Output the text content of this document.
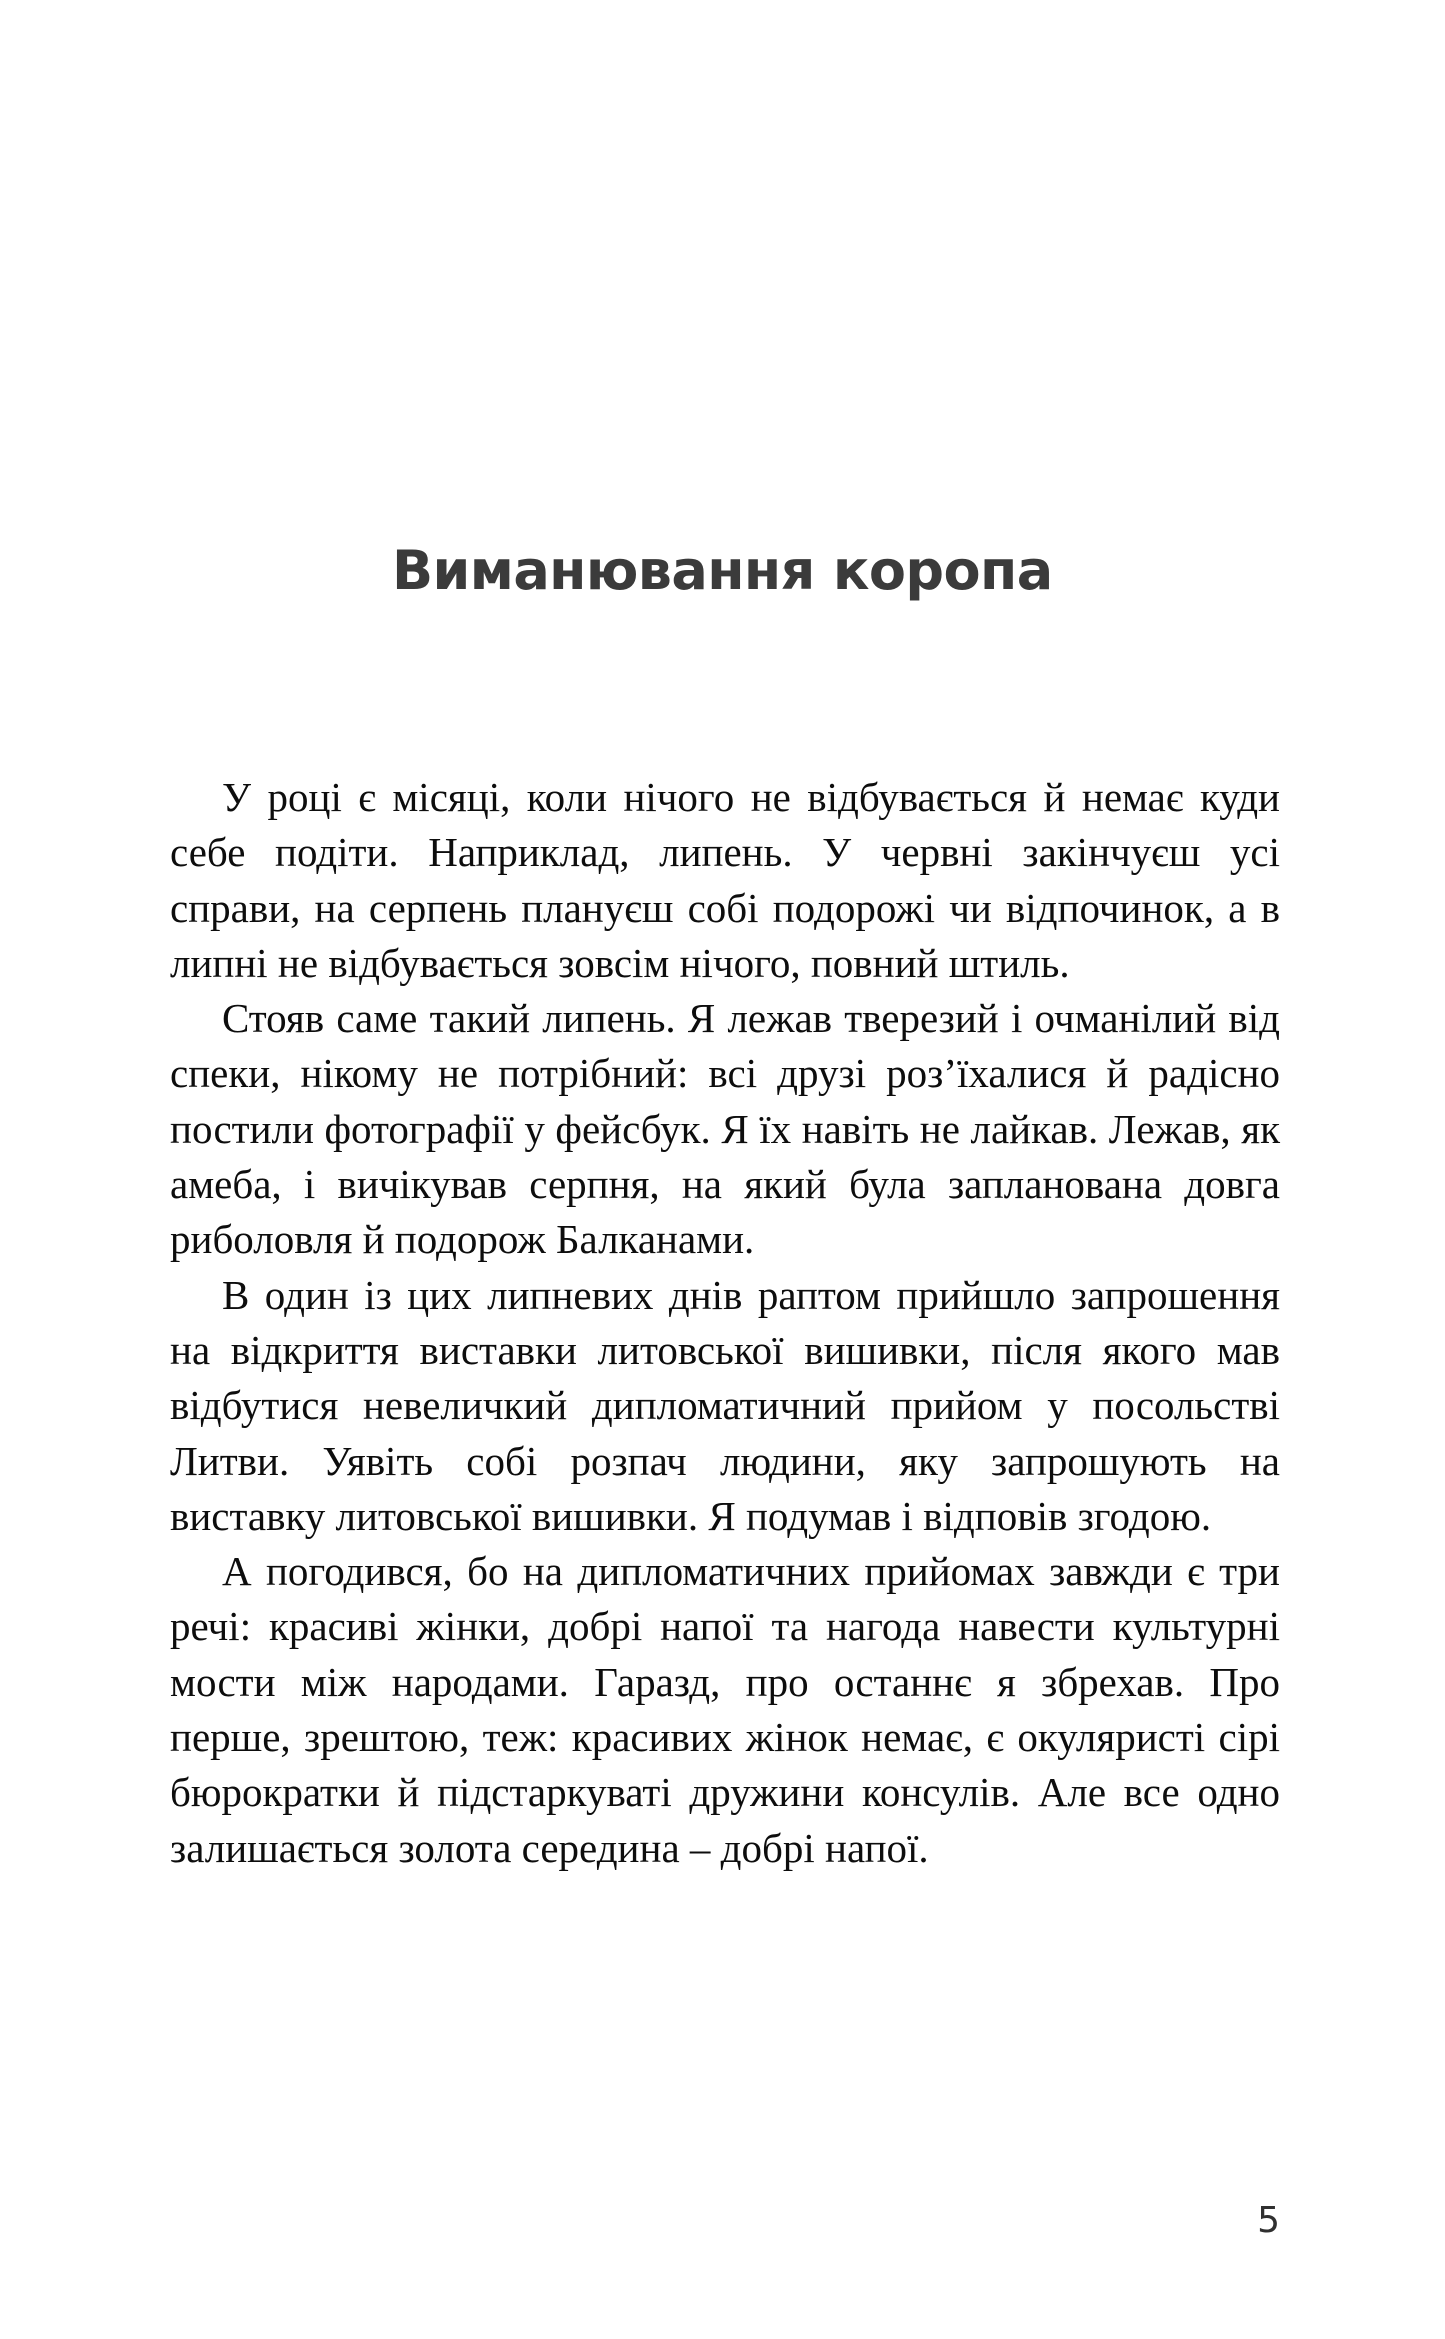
Виманювання коропа

У році є місяці, коли нічого не відбувається й немає куди себе подіти. Наприклад, липень. У червні закінчуєш усі справи, на серпень плануєш собі подорожі чи відпочинок, а в липні не відбувається зовсім нічого, повний штиль.

Стояв саме такий липень. Я лежав тверезий і очманілий від спеки, нікому не потрібний: всі друзі роз’їхалися й радісно постили фотографії у фейсбук. Я їх навіть не лайкав. Лежав, як амеба, і вичікував серпня, на який була запланована довга риболовля й подорож Балканами.

В один із цих липневих днів раптом прийшло запрошення на відкриття виставки литовської вишивки, після якого мав відбутися невеличкий дипломатичний прийом у посольстві Литви. Уявіть собі розпач людини, яку запрошують на виставку литовської вишивки. Я подумав і відповів згодою.

А погодився, бо на дипломатичних прийомах завжди є три речі: красиві жінки, добрі напої та нагода навести культурні мости між народами. Гаразд, про останнє я збрехав. Про перше, зрештою, теж: красивих жінок немає, є окуляристі сірі бюрократки й підстаркуваті дружини консулів. Але все одно залишається золота середина – добрі напої.

5
